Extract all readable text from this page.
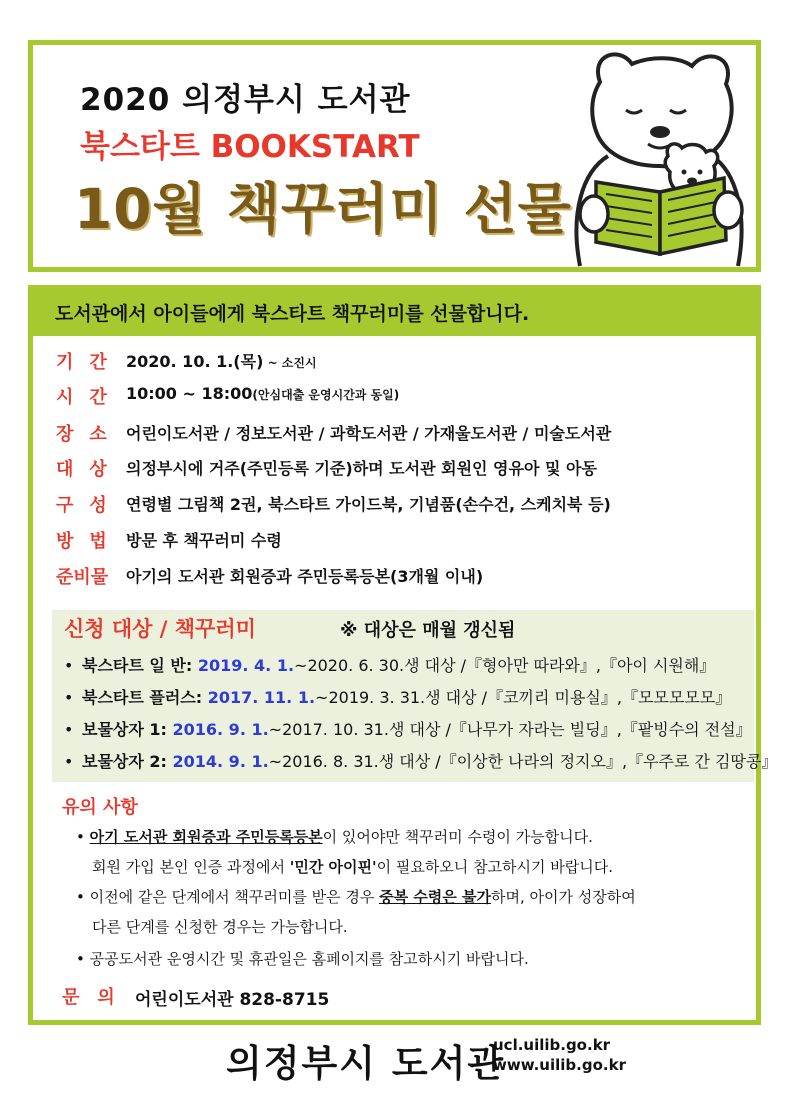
2020 의정부시 도서관
북스타트 BOOKSTART
10월 책꾸러미 선물
도서관에서 아이들에게 북스타트 책꾸러미를 선물합니다.
기간 2020. 10. 1.(목) ~ 소진시
시간 10:00 ~ 18:00(안심대출 운영시간과 동일)
장소 어린이도서관 / 정보도서관 / 과학도서관 / 가재울도서관 / 미술도서관
대상 의정부시에 거주(주민등록 기준)하며 도서관 회원인 영유아 및 아동
구성 연령별 그림책 2권, 북스타트 가이드북, 기념품(손수건, 스케치북 등)
방법 방문 후 책꾸러미 수령
준비물	아기의 도서관 회원증과 주민등록등본(3개월 이내)
신청 대상 / 책꾸러미	※ 대상은 매월 갱신됨
• 북스타트 일 반: 2019. 4. 1.~2020. 6. 30.생 대상 /『형아만 따라와』,『아이 시원해』
• 북스타트 플러스: 2017. 11. 1.~2019. 3. 31.생 대상 /『코끼리 미용실』,『모모모모모』
• 보물상자 1: 2016. 9. 1.~2017. 10. 31.생 대상 /『나무가 자라는 빌딩』,『팥빙수의 전설』
• 보물상자 2: 2014. 9. 1.~2016. 8. 31.생 대상 /『이상한 나라의 정지오』,『우주로 간 김땅콩』
유의 사항
• 아기 도서관 회원증과 주민등록등본이 있어야만 책꾸러미 수령이 가능합니다.
회원 가입 본인 인증 과정에서 '민간 아이핀'이 필요하오니 참고하시기 바랍니다.
• 이전에 같은 단계에서 책꾸러미를 받은 경우 중복 수령은 불가하며, 아이가 성장하여
다른 단계를 신청한 경우는 가능합니다.
• 공공도서관 운영시간 및 휴관일은 홈페이지를 참고하시기 바랍니다.
문의 어린이도서관 828-8715
의정부시 도서관
ucl.uilib.go.kr
www.uilib.go.kr
